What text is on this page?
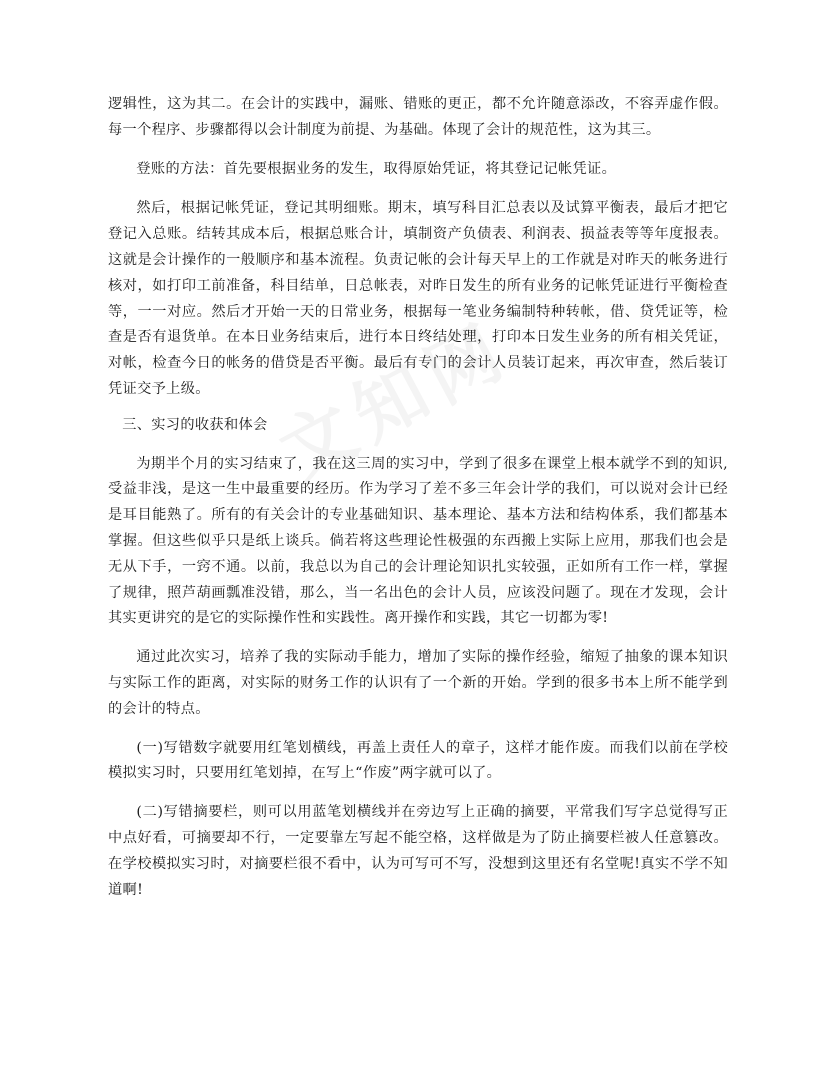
逻辑性，这为其二。在会计的实践中，漏账、错账的更正，都不允许随意添改，不容弄虚作假。每一个程序、步骤都得以会计制度为前提、为基础。体现了会计的规范性，这为其三。

登账的方法：首先要根据业务的发生，取得原始凭证，将其登记记帐凭证。

然后，根据记帐凭证，登记其明细账。期末，填写科目汇总表以及试算平衡表，最后才把它登记入总账。结转其成本后，根据总账合计，填制资产负债表、利润表、损益表等等年度报表。这就是会计操作的一般顺序和基本流程。负责记帐的会计每天早上的工作就是对昨天的帐务进行核对，如打印工前准备，科目结单，日总帐表，对昨日发生的所有业务的记帐凭证进行平衡检查等，一一对应。然后才开始一天的日常业务，根据每一笔业务编制特种转帐，借、贷凭证等，检查是否有退货单。在本日业务结束后，进行本日终结处理，打印本日发生业务的所有相关凭证，对帐，检查今日的帐务的借贷是否平衡。最后有专门的会计人员装订起来，再次审查，然后装订凭证交予上级。

三、实习的收获和体会

为期半个月的实习结束了，我在这三周的实习中，学到了很多在课堂上根本就学不到的知识,受益非浅，是这一生中最重要的经历。作为学习了差不多三年会计学的我们，可以说对会计已经是耳目能熟了。所有的有关会计的专业基础知识、基本理论、基本方法和结构体系，我们都基本掌握。但这些似乎只是纸上谈兵。倘若将这些理论性极强的东西搬上实际上应用，那我们也会是无从下手，一窍不通。以前，我总以为自己的会计理论知识扎实较强，正如所有工作一样，掌握了规律，照芦葫画瓢准没错，那么，当一名出色的会计人员，应该没问题了。现在才发现，会计其实更讲究的是它的实际操作性和实践性。离开操作和实践，其它一切都为零!

通过此次实习，培养了我的实际动手能力，增加了实际的操作经验，缩短了抽象的课本知识与实际工作的距离，对实际的财务工作的认识有了一个新的开始。学到的很多书本上所不能学到的会计的特点。

(一)写错数字就要用红笔划横线，再盖上责任人的章子，这样才能作废。而我们以前在学校模拟实习时，只要用红笔划掉，在写上“作废”两字就可以了。

(二)写错摘要栏，则可以用蓝笔划横线并在旁边写上正确的摘要，平常我们写字总觉得写正中点好看，可摘要却不行，一定要靠左写起不能空格，这样做是为了防止摘要栏被人任意篡改。在学校模拟实习时，对摘要栏很不看中，认为可写可不写，没想到这里还有名堂呢!真实不学不知道啊!
